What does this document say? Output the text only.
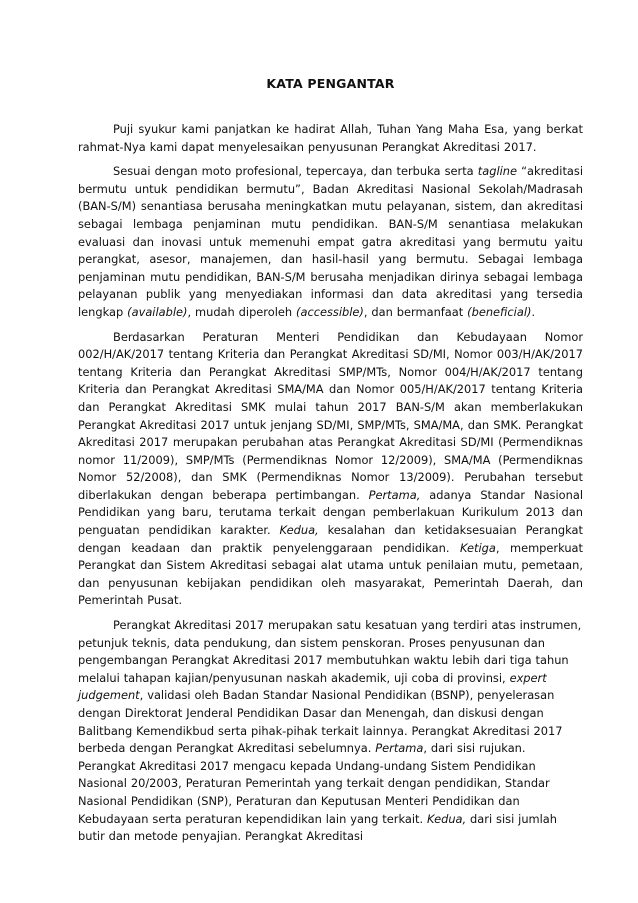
KATA PENGANTAR

Puji syukur kami panjatkan ke hadirat Allah, Tuhan Yang Maha Esa, yang berkat rahmat-Nya kami dapat menyelesaikan penyusunan Perangkat Akreditasi 2017.

Sesuai dengan moto profesional, tepercaya, dan terbuka serta tagline “akreditasi bermutu untuk pendidikan bermutu”, Badan Akreditasi Nasional Sekolah/Madrasah (BAN-S/M) senantiasa berusaha meningkatkan mutu pelayanan, sistem, dan akreditasi sebagai lembaga penjaminan mutu pendidikan. BAN-S/M senantiasa melakukan evaluasi dan inovasi untuk memenuhi empat gatra akreditasi yang bermutu yaitu perangkat, asesor, manajemen, dan hasil-hasil yang bermutu. Sebagai lembaga penjaminan mutu pendidikan, BAN-S/M berusaha menjadikan dirinya sebagai lembaga pelayanan publik yang menyediakan informasi dan data akreditasi yang tersedia lengkap (available), mudah diperoleh (accessible), dan bermanfaat (beneficial).

Berdasarkan Peraturan Menteri Pendidikan dan Kebudayaan Nomor 002/H/AK/2017 tentang Kriteria dan Perangkat Akreditasi SD/MI, Nomor 003/H/AK/2017 tentang Kriteria dan Perangkat Akreditasi SMP/MTs, Nomor 004/H/AK/2017 tentang Kriteria dan Perangkat Akreditasi SMA/MA dan Nomor 005/H/AK/2017 tentang Kriteria dan Perangkat Akreditasi SMK mulai tahun 2017 BAN-S/M akan memberlakukan Perangkat Akreditasi 2017 untuk jenjang SD/MI, SMP/MTs, SMA/MA, dan SMK. Perangkat Akreditasi 2017 merupakan perubahan atas Perangkat Akreditasi SD/MI (Permendiknas nomor 11/2009), SMP/MTs (Permendiknas Nomor 12/2009), SMA/MA (Permendiknas Nomor 52/2008), dan SMK (Permendiknas Nomor 13/2009). Perubahan tersebut diberlakukan dengan beberapa pertimbangan. Pertama, adanya Standar Nasional Pendidikan yang baru, terutama terkait dengan pemberlakuan Kurikulum 2013 dan penguatan pendidikan karakter. Kedua, kesalahan dan ketidaksesuaian Perangkat dengan keadaan dan praktik penyelenggaraan pendidikan. Ketiga, memperkuat Perangkat dan Sistem Akreditasi sebagai alat utama untuk penilaian mutu, pemetaan, dan penyusunan kebijakan pendidikan oleh masyarakat, Pemerintah Daerah, dan Pemerintah Pusat.

Perangkat Akreditasi 2017 merupakan satu kesatuan yang terdiri atas instrumen, petunjuk teknis, data pendukung, dan sistem penskoran. Proses penyusunan dan pengembangan Perangkat Akreditasi 2017 membutuhkan waktu lebih dari tiga tahun melalui tahapan kajian/penyusunan naskah akademik, uji coba di provinsi, expert judgement, validasi oleh Badan Standar Nasional Pendidikan (BSNP), penyelerasan dengan Direktorat Jenderal Pendidikan Dasar dan Menengah, dan diskusi dengan Balitbang Kemendikbud serta pihak-pihak terkait lainnya. Perangkat Akreditasi 2017 berbeda dengan Perangkat Akreditasi sebelumnya. Pertama, dari sisi rujukan. Perangkat Akreditasi 2017 mengacu kepada Undang-undang Sistem Pendidikan Nasional 20/2003, Peraturan Pemerintah yang terkait dengan pendidikan, Standar Nasional Pendidikan (SNP), Peraturan dan Keputusan Menteri Pendidikan dan Kebudayaan serta peraturan kependidikan lain yang terkait. Kedua, dari sisi jumlah butir dan metode penyajian. Perangkat Akreditasi
